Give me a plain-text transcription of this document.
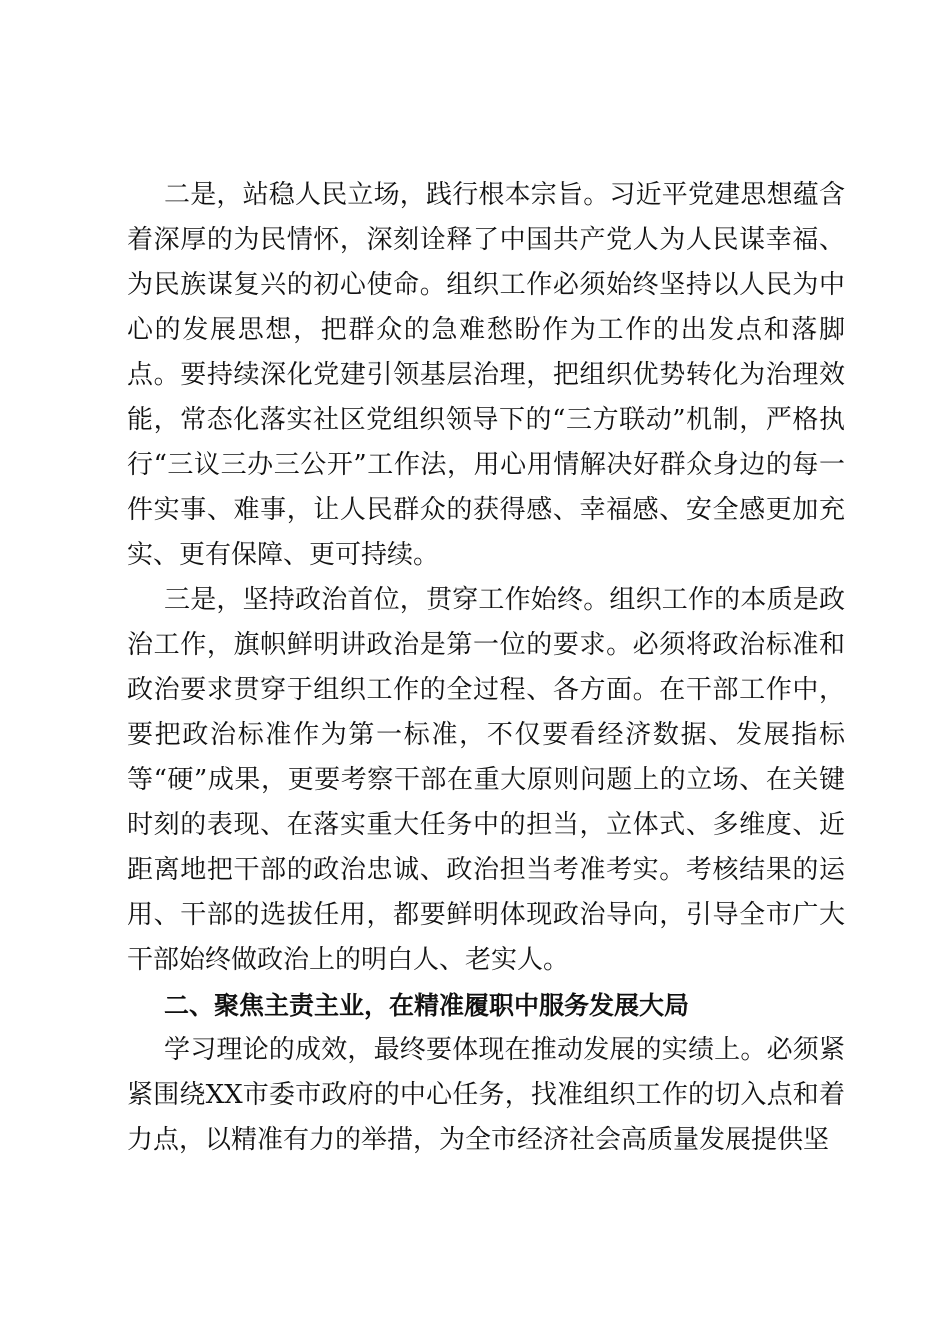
二是，站稳人民立场，践行根本宗旨。习近平党建思想蕴含着深厚的为民情怀，深刻诠释了中国共产党人为人民谋幸福、为民族谋复兴的初心使命。组织工作必须始终坚持以人民为中心的发展思想，把群众的急难愁盼作为工作的出发点和落脚点。要持续深化党建引领基层治理，把组织优势转化为治理效能，常态化落实社区党组织领导下的“三方联动”机制，严格执行“三议三办三公开”工作法，用心用情解决好群众身边的每一件实事、难事，让人民群众的获得感、幸福感、安全感更加充实、更有保障、更可持续。

三是，坚持政治首位，贯穿工作始终。组织工作的本质是政治工作，旗帜鲜明讲政治是第一位的要求。必须将政治标准和政治要求贯穿于组织工作的全过程、各方面。在干部工作中，要把政治标准作为第一标准，不仅要看经济数据、发展指标等“硬”成果，更要考察干部在重大原则问题上的立场、在关键时刻的表现、在落实重大任务中的担当，立体式、多维度、近距离地把干部的政治忠诚、政治担当考准考实。考核结果的运用、干部的选拔任用，都要鲜明体现政治导向，引导全市广大干部始终做政治上的明白人、老实人。

二、聚焦主责主业，在精准履职中服务发展大局

学习理论的成效，最终要体现在推动发展的实绩上。必须紧紧围绕XX市委市政府的中心任务，找准组织工作的切入点和着力点，以精准有力的举措，为全市经济社会高质量发展提供坚
